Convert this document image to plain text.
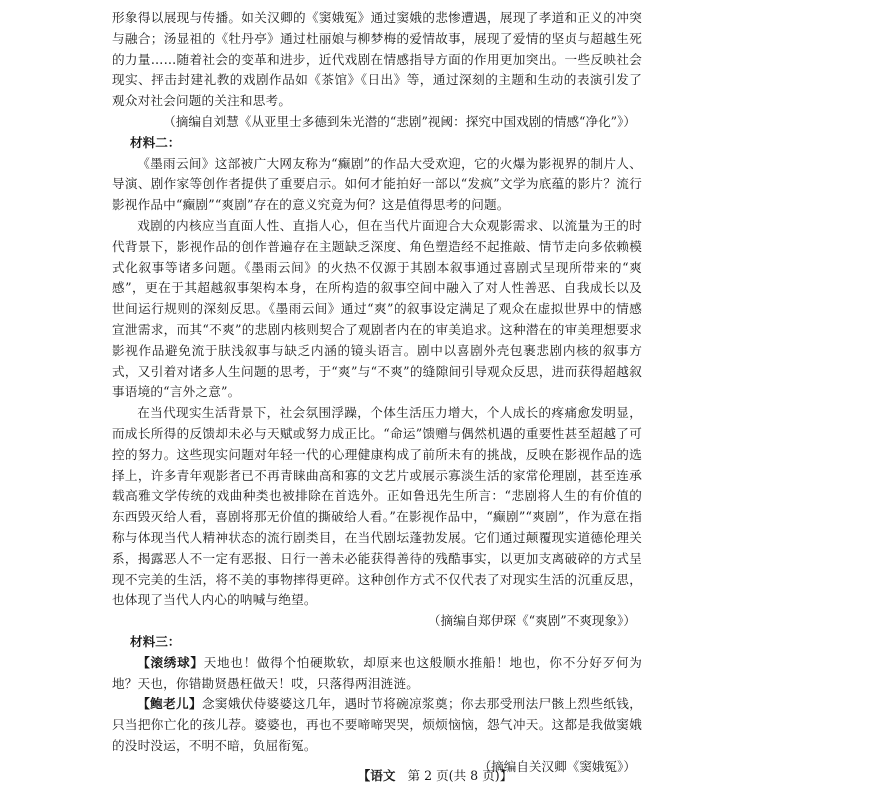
形象得以展现与传播。如关汉卿的《窦娥冤》通过窦娥的悲惨遭遇，展现了孝道和正义的冲突与融合；汤显祖的《牡丹亭》通过杜丽娘与柳梦梅的爱情故事，展现了爱情的坚贞与超越生死的力量……随着社会的变革和进步，近代戏剧在情感指导方面的作用更加突出。一些反映社会现实、抨击封建礼教的戏剧作品如《茶馆》《日出》等，通过深刻的主题和生动的表演引发了观众对社会问题的关注和思考。

（摘编自刘慧《从亚里士多德到朱光潜的“悲剧”视阈：探究中国戏剧的情感“净化”》）

材料二：

《墨雨云间》这部被广大网友称为“癫剧”的作品大受欢迎，它的火爆为影视界的制片人、导演、剧作家等创作者提供了重要启示。如何才能拍好一部以“发疯”文学为底蕴的影片？流行影视作品中“癫剧”“爽剧”存在的意义究竟为何？这是值得思考的问题。

戏剧的内核应当直面人性、直指人心，但在当代片面迎合大众观影需求、以流量为王的时代背景下，影视作品的创作普遍存在主题缺乏深度、角色塑造经不起推敲、情节走向多依赖模式化叙事等诸多问题。《墨雨云间》的火热不仅源于其剧本叙事通过喜剧式呈现所带来的“爽感”，更在于其超越叙事架构本身，在所构造的叙事空间中融入了对人性善恶、自我成长以及世间运行规则的深刻反思。《墨雨云间》通过“爽”的叙事设定满足了观众在虚拟世界中的情感宣泄需求，而其“不爽”的悲剧内核则契合了观剧者内在的审美追求。这种潜在的审美理想要求影视作品避免流于肤浅叙事与缺乏内涵的镜头语言。剧中以喜剧外壳包裹悲剧内核的叙事方式，又引着对诸多人生问题的思考，于“爽”与“不爽”的缝隙间引导观众反思，进而获得超越叙事语境的“言外之意”。

在当代现实生活背景下，社会氛围浮躁，个体生活压力增大，个人成长的疼痛愈发明显，而成长所得的反馈却未必与天赋或努力成正比。“命运”馈赠与偶然机遇的重要性甚至超越了可控的努力。这些现实问题对年轻一代的心理健康构成了前所未有的挑战，反映在影视作品的选择上，许多青年观影者已不再青睐曲高和寡的文艺片或展示寡淡生活的家常伦理剧，甚至连承载高雅文学传统的戏曲种类也被排除在首选外。正如鲁迅先生所言：“悲剧将人生的有价值的东西毁灭给人看，喜剧将那无价值的撕破给人看。”在影视作品中，“癫剧”“爽剧”，作为意在指称与体现当代人精神状态的流行剧类目，在当代剧坛蓬勃发展。它们通过颠覆现实道德伦理关系，揭露恶人不一定有恶报、日行一善未必能获得善待的残酷事实，以更加支离破碎的方式呈现不完美的生活，将不美的事物摔得更碎。这种创作方式不仅代表了对现实生活的沉重反思，也体现了当代人内心的呐喊与绝望。

（摘编自郑伊琛《“爽剧”不爽现象》）

材料三：

【滚绣球】天地也！做得个怕硬欺软，却原来也这般顺水推船！地也，你不分好歹何为地？天也，你错勘贤愚枉做天！哎，只落得两泪涟涟。

【鲍老儿】念窦娥伏侍婆婆这几年，遇时节将碗凉浆奠；你去那受刑法尸骸上烈些纸钱，只当把你亡化的孩儿荐。婆婆也，再也不要啼啼哭哭，烦烦恼恼，怨气冲天。这都是我做窦娥的没时没运，不明不暗，负屈衔冤。

（摘编自关汉卿《窦娥冤》）

【语文 第 2 页(共 8 页)】
